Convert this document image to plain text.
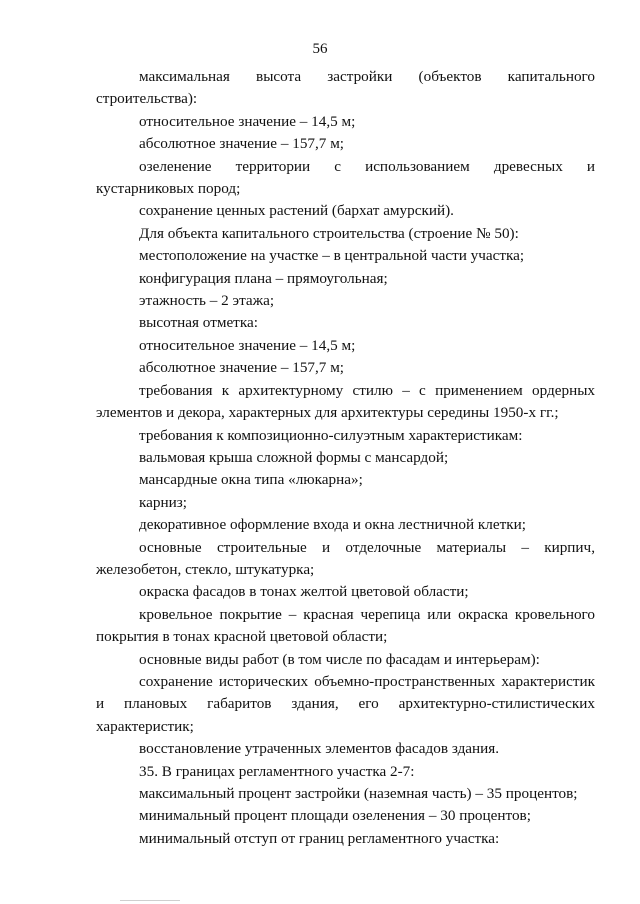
56

максимальная высота застройки (объектов капитального строительства):

относительное значение – 14,5 м;

абсолютное значение – 157,7 м;

озеленение территории с использованием древесных и кустарниковых пород;

сохранение ценных растений (бархат амурский).

Для объекта капитального строительства (строение № 50):

местоположение на участке – в центральной части участка;

конфигурация плана – прямоугольная;

этажность – 2 этажа;

высотная отметка:

относительное значение – 14,5 м;

абсолютное значение – 157,7 м;

требования к архитектурному стилю – с применением ордерных элементов и декора, характерных для архитектуры середины 1950-х гг.;

требования к композиционно-силуэтным характеристикам:

вальмовая крыша сложной формы с мансардой;

мансардные окна типа «люкарна»;

карниз;

декоративное оформление входа и окна лестничной клетки;

основные строительные и отделочные материалы – кирпич, железобетон, стекло, штукатурка;

окраска фасадов в тонах желтой цветовой области;

кровельное покрытие – красная черепица или окраска кровельного покрытия в тонах красной цветовой области;

основные виды работ (в том числе по фасадам и интерьерам):

сохранение исторических объемно-пространственных характеристик и плановых габаритов здания, его архитектурно-стилистических характеристик;

восстановление утраченных элементов фасадов здания.

35. В границах регламентного участка 2-7:

максимальный процент застройки (наземная часть) – 35 процентов;

минимальный процент площади озеленения – 30 процентов;

минимальный отступ от границ регламентного участка:
